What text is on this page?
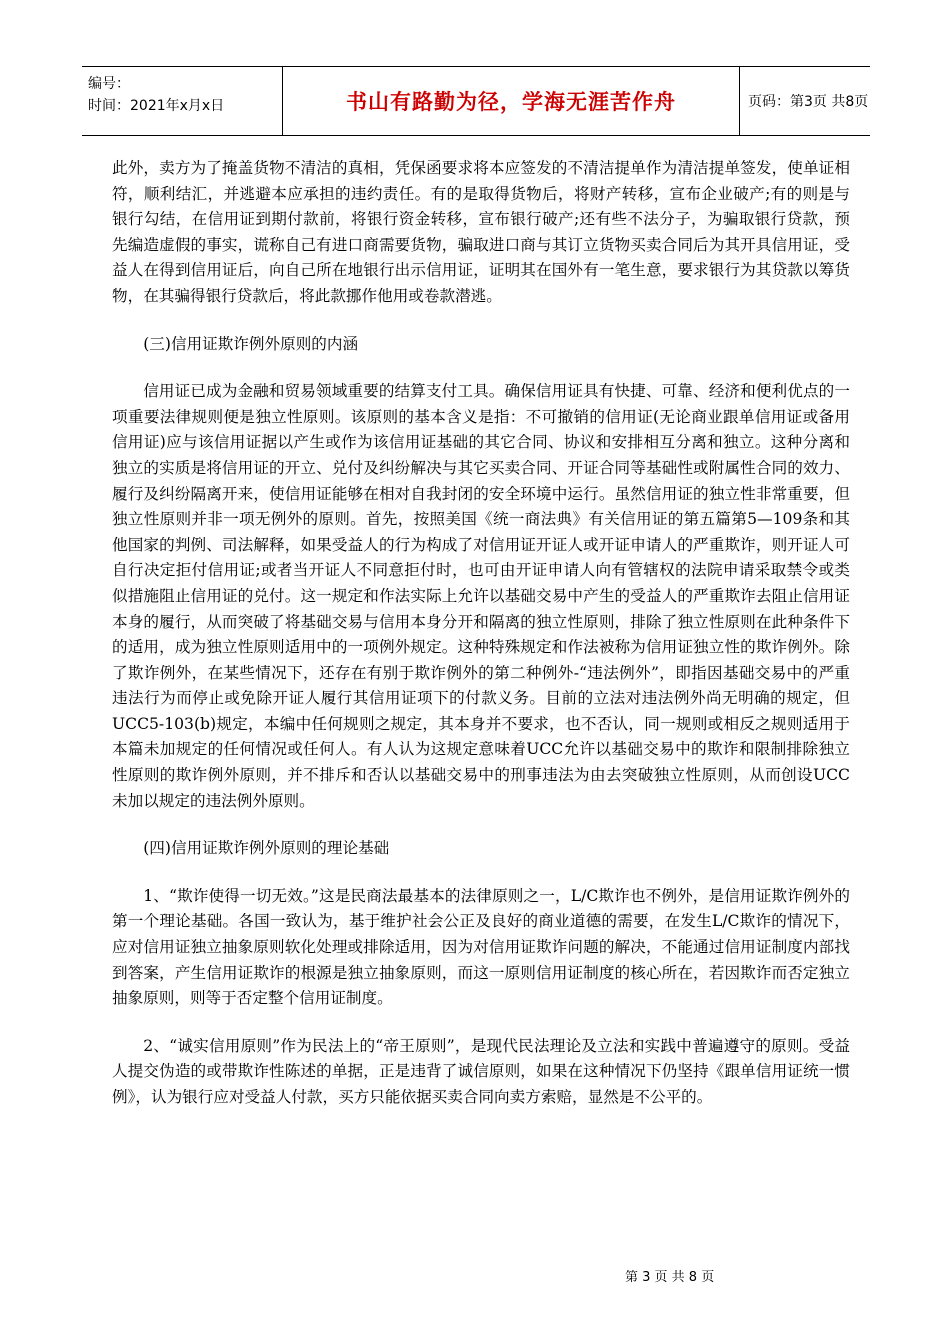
编号：
时间：2021年x月x日	书山有路勤为径，学海无涯苦作舟	页码：第3页 共8页

此外，卖方为了掩盖货物不清洁的真相，凭保函要求将本应签发的不清洁提单作为清洁提单签发，使单证相符，顺利结汇，并逃避本应承担的违约责任。有的是取得货物后，将财产转移，宣布企业破产;有的则是与银行勾结，在信用证到期付款前，将银行资金转移，宣布银行破产;还有些不法分子，为骗取银行贷款，预先编造虚假的事实，谎称自己有进口商需要货物，骗取进口商与其订立货物买卖合同后为其开具信用证，受益人在得到信用证后，向自己所在地银行出示信用证，证明其在国外有一笔生意，要求银行为其贷款以筹货物，在其骗得银行贷款后，将此款挪作他用或卷款潜逃。

(三)信用证欺诈例外原则的内涵

信用证已成为金融和贸易领域重要的结算支付工具。确保信用证具有快捷、可靠、经济和便利优点的一项重要法律规则便是独立性原则。该原则的基本含义是指：不可撤销的信用证(无论商业跟单信用证或备用信用证)应与该信用证据以产生或作为该信用证基础的其它合同、协议和安排相互分离和独立。这种分离和独立的实质是将信用证的开立、兑付及纠纷解决与其它买卖合同、开证合同等基础性或附属性合同的效力、履行及纠纷隔离开来，使信用证能够在相对自我封闭的安全环境中运行。虽然信用证的独立性非常重要，但独立性原则并非一项无例外的原则。首先，按照美国《统一商法典》有关信用证的第五篇第5—109条和其他国家的判例、司法解释，如果受益人的行为构成了对信用证开证人或开证申请人的严重欺诈，则开证人可自行决定拒付信用证;或者当开证人不同意拒付时，也可由开证申请人向有管辖权的法院申请采取禁令或类似措施阻止信用证的兑付。这一规定和作法实际上允许以基础交易中产生的受益人的严重欺诈去阻止信用证本身的履行，从而突破了将基础交易与信用本身分开和隔离的独立性原则，排除了独立性原则在此种条件下的适用，成为独立性原则适用中的一项例外规定。这种特殊规定和作法被称为信用证独立性的欺诈例外。除了欺诈例外，在某些情况下，还存在有别于欺诈例外的第二种例外-“违法例外”，即指因基础交易中的严重违法行为而停止或免除开证人履行其信用证项下的付款义务。目前的立法对违法例外尚无明确的规定，但UCC5-103(b)规定，本编中任何规则之规定，其本身并不要求，也不否认，同一规则或相反之规则适用于本篇未加规定的任何情况或任何人。有人认为这规定意味着UCC允许以基础交易中的欺诈和限制排除独立性原则的欺诈例外原则，并不排斥和否认以基础交易中的刑事违法为由去突破独立性原则，从而创设UCC未加以规定的违法例外原则。

(四)信用证欺诈例外原则的理论基础

1、“欺诈使得一切无效。”这是民商法最基本的法律原则之一，L/C欺诈也不例外，是信用证欺诈例外的第一个理论基础。各国一致认为，基于维护社会公正及良好的商业道德的需要，在发生L/C欺诈的情况下，应对信用证独立抽象原则软化处理或排除适用，因为对信用证欺诈问题的解决，不能通过信用证制度内部找到答案，产生信用证欺诈的根源是独立抽象原则，而这一原则信用证制度的核心所在，若因欺诈而否定独立抽象原则，则等于否定整个信用证制度。

2、“诚实信用原则”作为民法上的“帝王原则”，是现代民法理论及立法和实践中普遍遵守的原则。受益人提交伪造的或带欺诈性陈述的单据，正是违背了诚信原则，如果在这种情况下仍坚持《跟单信用证统一惯例》，认为银行应对受益人付款，买方只能依据买卖合同向卖方索赔，显然是不公平的。

第 3 页 共 8 页
